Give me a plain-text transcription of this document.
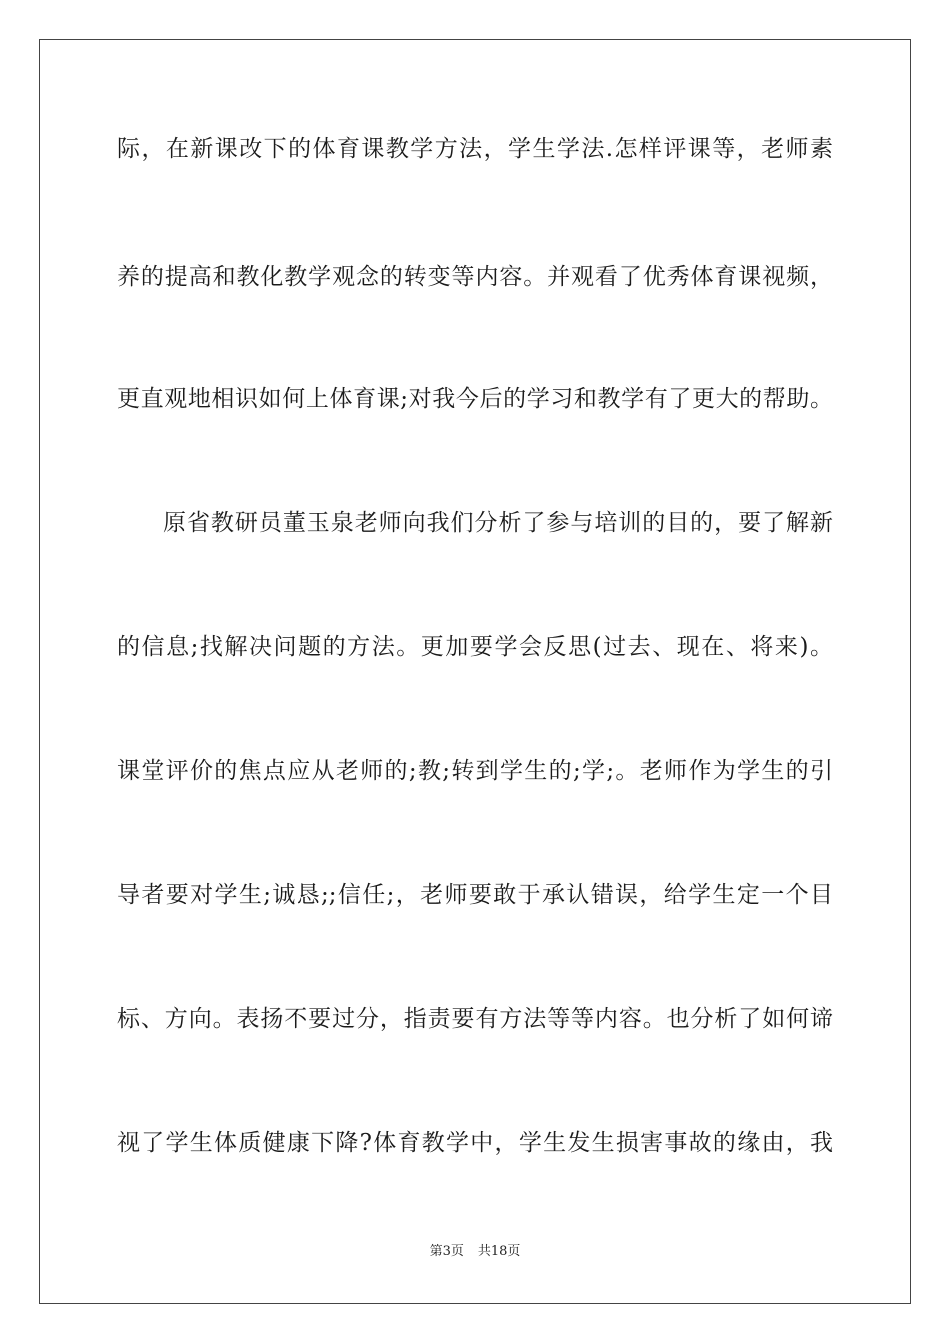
际，在新课改下的体育课教学方法，学生学法.怎样评课等，老师素
养的提高和教化教学观念的转变等内容。并观看了优秀体育课视频，
更直观地相识如何上体育课;对我今后的学习和教学有了更大的帮助。
原省教研员董玉泉老师向我们分析了参与培训的目的，要了解新
的信息;找解决问题的方法。更加要学会反思(过去、现在、将来)。
课堂评价的焦点应从老师的;教;转到学生的;学;。老师作为学生的引
导者要对学生;诚恳;;信任;，老师要敢于承认错误，给学生定一个目
标、方向。表扬不要过分，指责要有方法等等内容。也分析了如何谛
视了学生体质健康下降?体育教学中，学生发生损害事故的缘由，我
第3页 共18页
